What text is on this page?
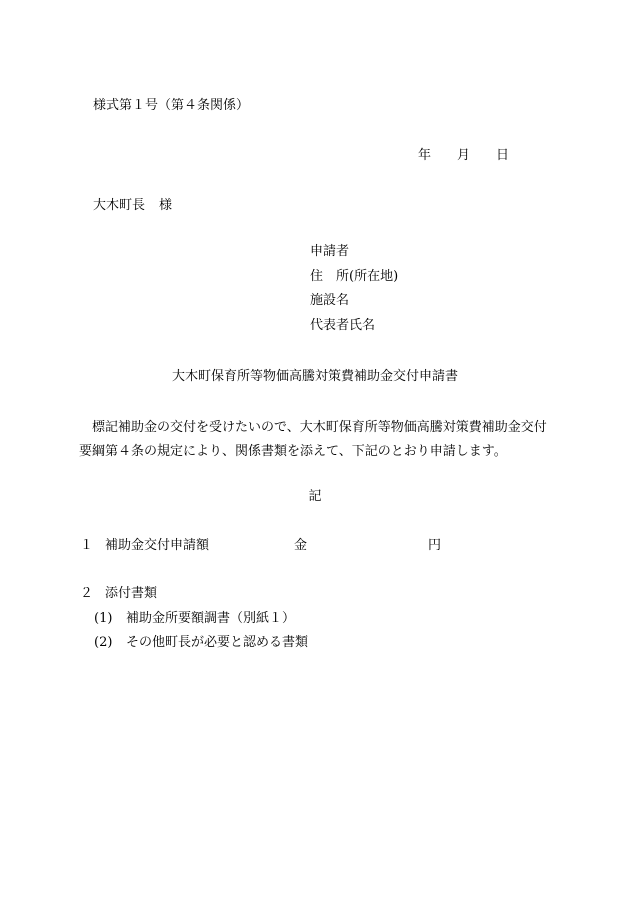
様式第１号（第４条関係）
年 月 日
大木町長 様
申請者
住　所(所在地)
施設名
代表者氏名
大木町保育所等物価高騰対策費補助金交付申請書
標記補助金の交付を受けたいので、大木町保育所等物価高騰対策費補助金交付要綱第４条の規定により、関係書類を添えて、下記のとおり申請します。
記
１ 補助金交付申請額	金	円
２ 添付書類
(1) 補助金所要額調書（別紙１）
(2) その他町長が必要と認める書類
